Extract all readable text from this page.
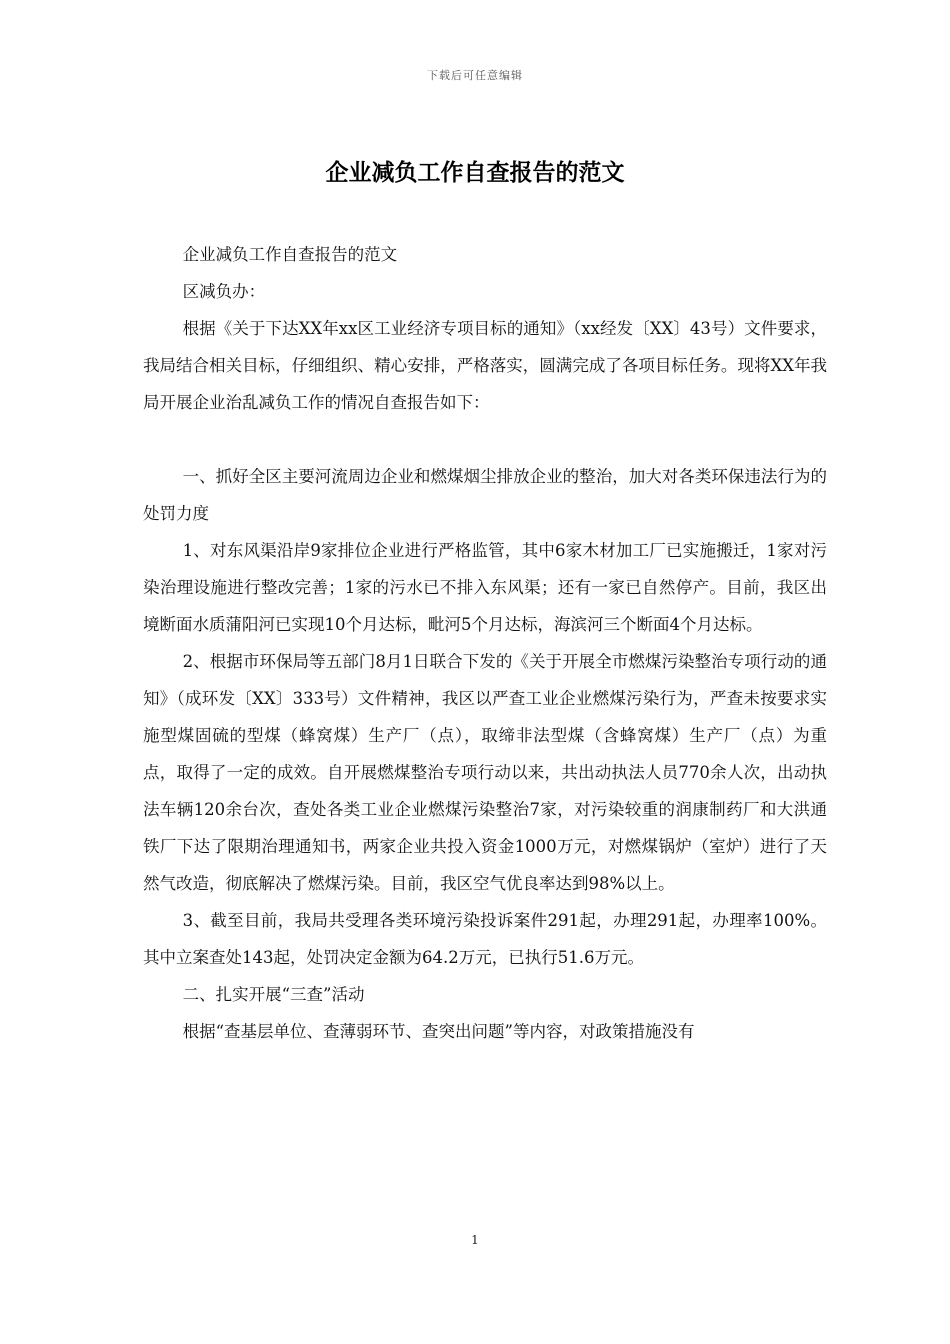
下载后可任意编辑
企业减负工作自查报告的范文

企业减负工作自查报告的范文

区减负办：

根据《关于下达XX年xx区工业经济专项目标的通知》（xx经发〔XX〕43号）文件要求，我局结合相关目标，仔细组织、精心安排，严格落实，圆满完成了各项目标任务。现将XX年我局开展企业治乱减负工作的情况自查报告如下：

一、抓好全区主要河流周边企业和燃煤烟尘排放企业的整治，加大对各类环保违法行为的处罚力度

1、对东风渠沿岸9家排位企业进行严格监管，其中6家木材加工厂已实施搬迁，1家对污染治理设施进行整改完善；1家的污水已不排入东风渠；还有一家已自然停产。目前，我区出境断面水质蒲阳河已实现10个月达标，毗河5个月达标，海滨河三个断面4个月达标。

2、根据市环保局等五部门8月1日联合下发的《关于开展全市燃煤污染整治专项行动的通知》（成环发〔XX〕333号）文件精神，我区以严查工业企业燃煤污染行为，严查未按要求实施型煤固硫的型煤（蜂窝煤）生产厂（点），取缔非法型煤（含蜂窝煤）生产厂（点）为重点，取得了一定的成效。自开展燃煤整治专项行动以来，共出动执法人员770余人次，出动执法车辆120余台次，查处各类工业企业燃煤污染整治7家，对污染较重的润康制药厂和大洪通铁厂下达了限期治理通知书，两家企业共投入资金1000万元，对燃煤锅炉（室炉）进行了天然气改造，彻底解决了燃煤污染。目前，我区空气优良率达到98%以上。

3、截至目前，我局共受理各类环境污染投诉案件291起，办理291起，办理率100%。其中立案查处143起，处罚决定金额为64.2万元，已执行51.6万元。

二、扎实开展“三查”活动

根据“查基层单位、查薄弱环节、查突出问题”等内容，对政策措施没有

1
